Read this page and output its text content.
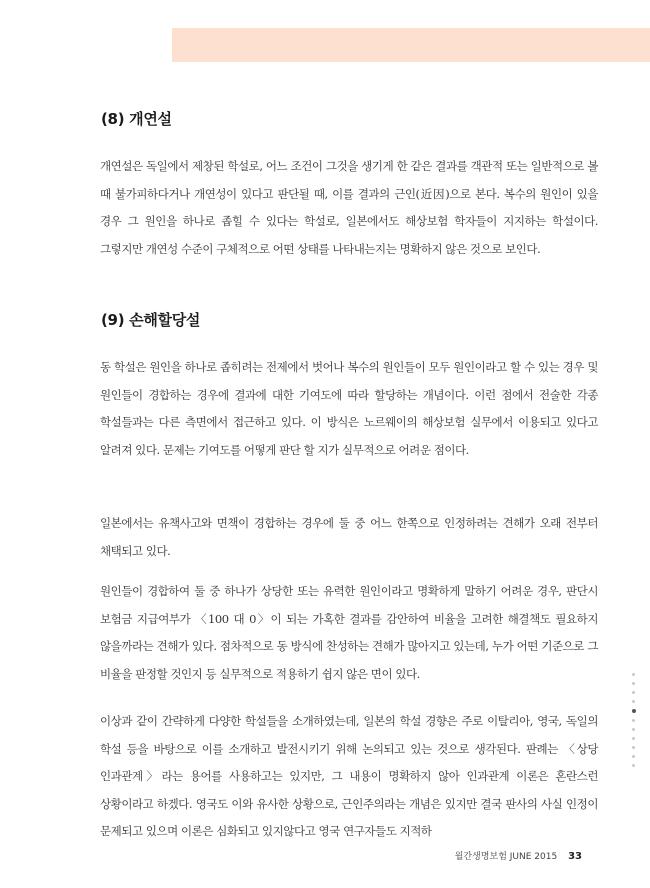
(8) 개연설

개연설은 독일에서 제창된 학설로, 어느 조건이 그것을 생기게 한 같은 결과를 객관적 또는 일반적으로 볼 때 불가피하다거나 개연성이 있다고 판단될 때, 이를 결과의 근인(近因)으로 본다. 복수의 원인이 있을 경우 그 원인을 하나로 좁힐 수 있다는 학설로, 일본에서도 해상보험 학자들이 지지하는 학설이다. 그렇지만 개연성 수준이 구체적으로 어떤 상태를 나타내는지는 명확하지 않은 것으로 보인다.

(9) 손해할당설

동 학설은 원인을 하나로 좁히려는 전제에서 벗어나 복수의 원인들이 모두 원인이라고 할 수 있는 경우 및 원인들이 경합하는 경우에 결과에 대한 기여도에 따라 할당하는 개념이다. 이런 점에서 전술한 각종 학설들과는 다른 측면에서 접근하고 있다. 이 방식은 노르웨이의 해상보험 실무에서 이용되고 있다고 알려져 있다. 문제는 기여도를 어떻게 판단 할 지가 실무적으로 어려운 점이다.

일본에서는 유책사고와 면책이 경합하는 경우에 둘 중 어느 한쪽으로 인정하려는 견해가 오래 전부터 채택되고 있다.

원인들이 경합하여 둘 중 하나가 상당한 또는 유력한 원인이라고 명확하게 말하기 어려운 경우, 판단시 보험금 지급여부가 〈100 대 0〉이 되는 가혹한 결과를 감안하여 비율을 고려한 해결책도 필요하지 않을까라는 견해가 있다. 점차적으로 동 방식에 찬성하는 견해가 많아지고 있는데, 누가 어떤 기준으로 그 비율을 판정할 것인지 등 실무적으로 적용하기 쉽지 않은 면이 있다.

이상과 같이 간략하게 다양한 학설들을 소개하였는데, 일본의 학설 경향은 주로 이탈리아, 영국, 독일의 학설 등을 바탕으로 이를 소개하고 발전시키기 위해 논의되고 있는 것으로 생각된다. 판례는 〈상당 인과관계〉라는 용어를 사용하고는 있지만, 그 내용이 명확하지 않아 인과관계 이론은 혼란스런 상황이라고 하겠다. 영국도 이와 유사한 상황으로, 근인주의라는 개념은 있지만 결국 판사의 사실 인정이 문제되고 있으며 이론은 심화되고 있지않다고 영국 연구자들도 지적하

월간생명보험 JUNE 2015 33
